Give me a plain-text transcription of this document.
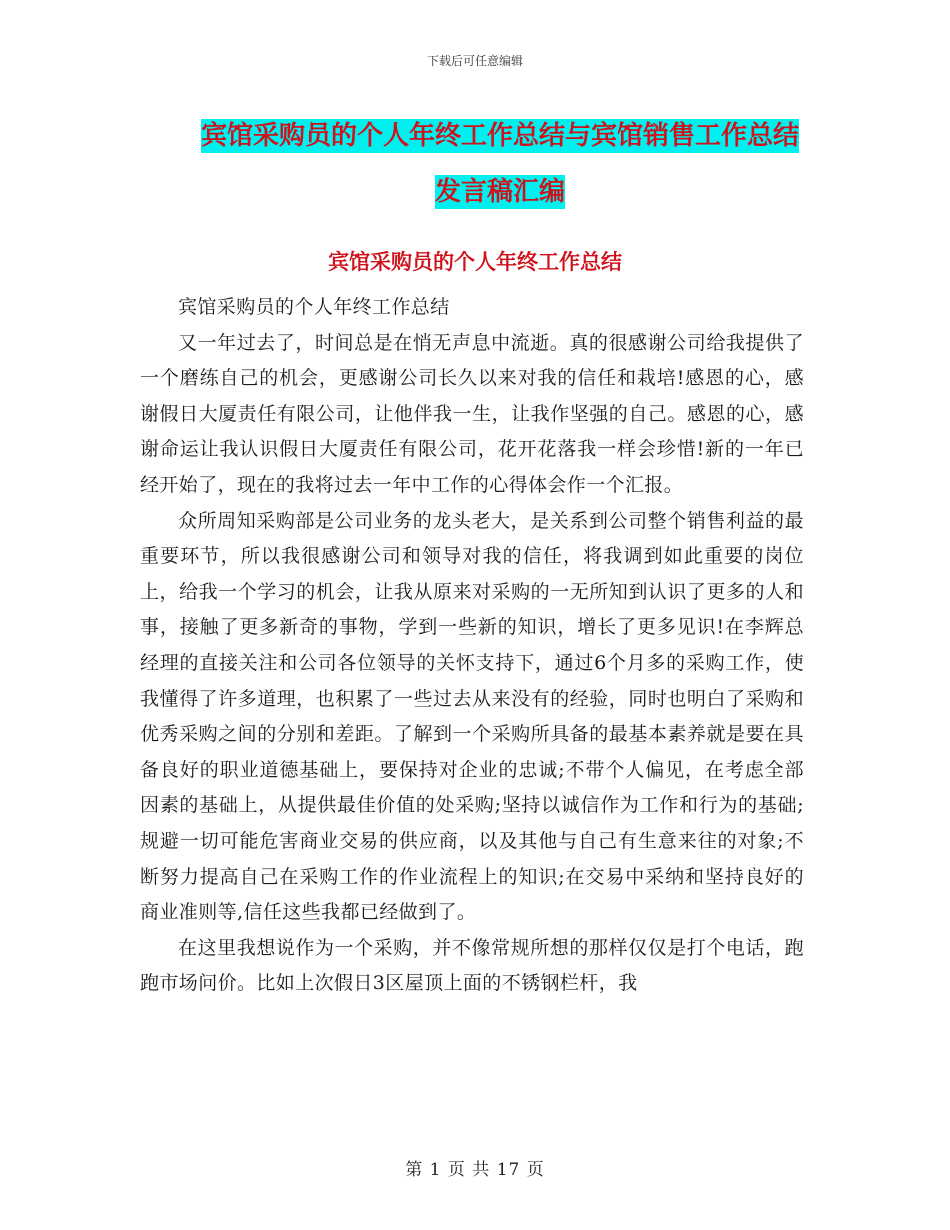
下载后可任意编辑
宾馆采购员的个人年终工作总结与宾馆销售工作总结
发言稿汇编
宾馆采购员的个人年终工作总结

宾馆采购员的个人年终工作总结

又一年过去了，时间总是在悄无声息中流逝。真的很感谢公司给我提供了一个磨练自己的机会，更感谢公司长久以来对我的信任和栽培!感恩的心，感谢假日大厦责任有限公司，让他伴我一生，让我作坚强的自己。感恩的心，感谢命运让我认识假日大厦责任有限公司，花开花落我一样会珍惜!新的一年已经开始了，现在的我将过去一年中工作的心得体会作一个汇报。

众所周知采购部是公司业务的龙头老大，是关系到公司整个销售利益的最重要环节，所以我很感谢公司和领导对我的信任，将我调到如此重要的岗位上，给我一个学习的机会，让我从原来对采购的一无所知到认识了更多的人和事，接触了更多新奇的事物，学到一些新的知识，增长了更多见识!在李辉总经理的直接关注和公司各位领导的关怀支持下，通过6个月多的采购工作，使我懂得了许多道理，也积累了一些过去从来没有的经验，同时也明白了采购和优秀采购之间的分别和差距。了解到一个采购所具备的最基本素养就是要在具备良好的职业道德基础上，要保持对企业的忠诚;不带个人偏见，在考虑全部因素的基础上，从提供最佳价值的处采购;坚持以诚信作为工作和行为的基础;规避一切可能危害商业交易的供应商，以及其他与自己有生意来往的对象;不断努力提高自己在采购工作的作业流程上的知识;在交易中采纳和坚持良好的商业准则等,信任这些我都已经做到了。

在这里我想说作为一个采购，并不像常规所想的那样仅仅是打个电话，跑跑市场问价。比如上次假日3区屋顶上面的不锈钢栏杆，我

第 1 页 共 17 页
